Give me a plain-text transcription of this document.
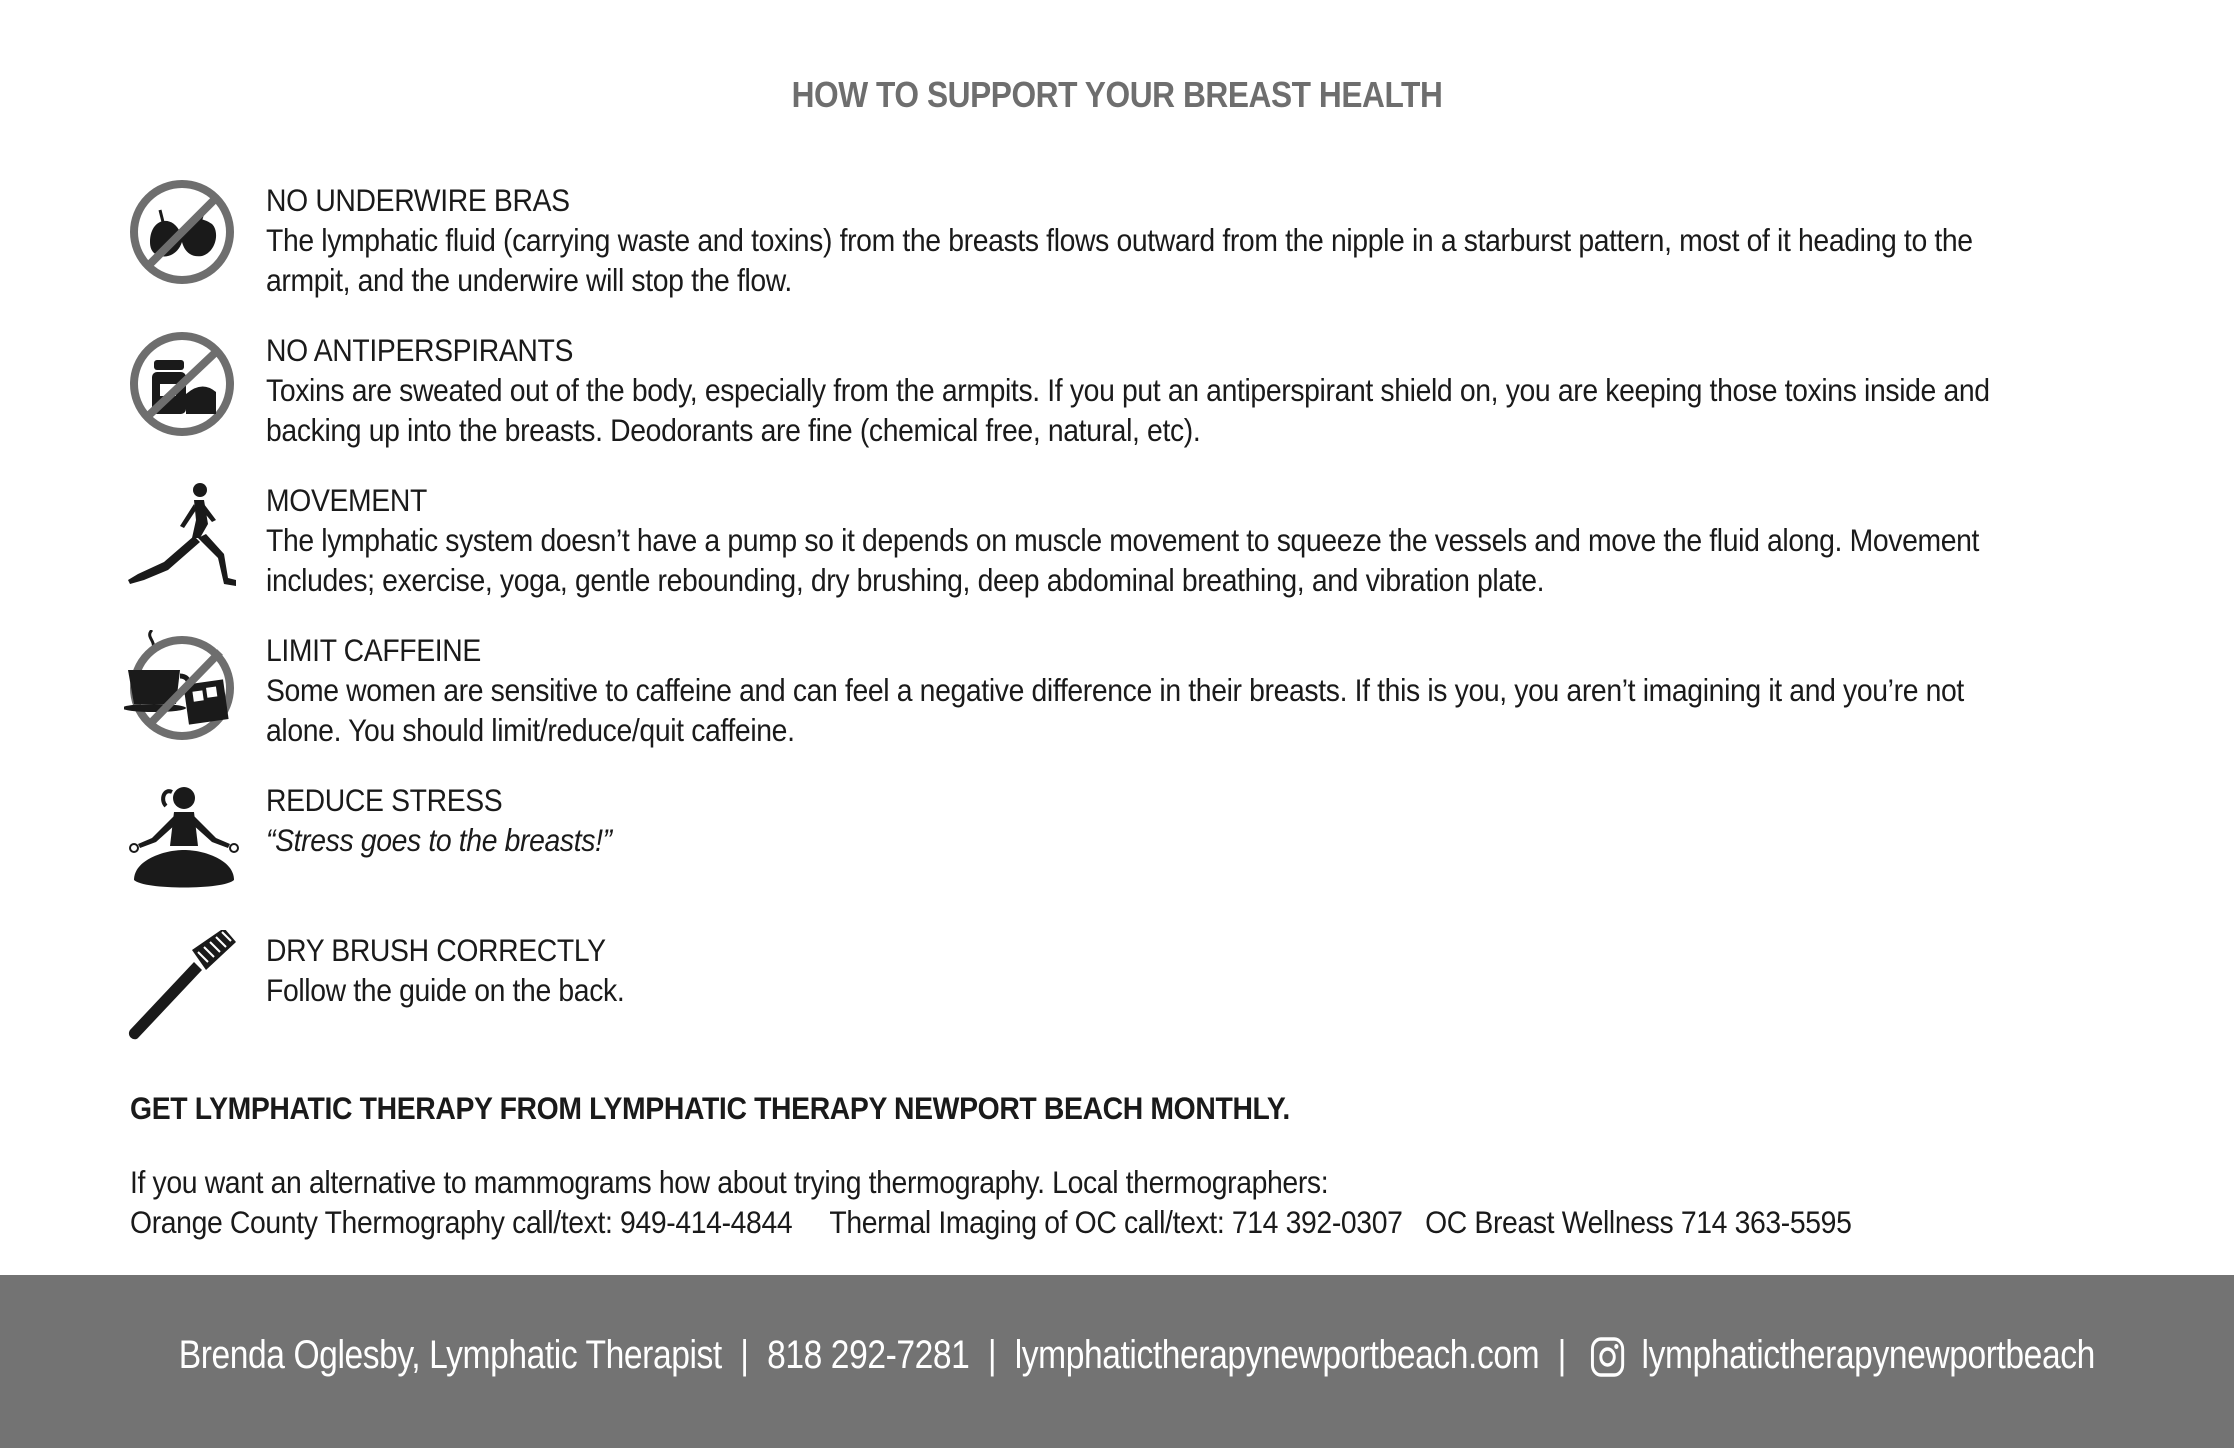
HOW TO SUPPORT YOUR BREAST HEALTH
NO UNDERWIRE BRAS
The lymphatic fluid (carrying waste and toxins) from the breasts flows outward from the nipple in a starburst pattern, most of it heading to the armpit, and the underwire will stop the flow.
NO ANTIPERSPIRANTS
Toxins are sweated out of the body, especially from the armpits. If you put an antiperspirant shield on, you are keeping those toxins inside and backing up into the breasts. Deodorants are fine (chemical free, natural, etc).
MOVEMENT
The lymphatic system doesn’t have a pump so it depends on muscle movement to squeeze the vessels and move the fluid along. Movement includes; exercise, yoga, gentle rebounding, dry brushing, deep abdominal breathing, and vibration plate.
LIMIT CAFFEINE
Some women are sensitive to caffeine and can feel a negative difference in their breasts. If this is you, you aren’t imagining it and you’re not alone. You should limit/reduce/quit caffeine.
REDUCE STRESS
“Stress goes to the breasts!”
DRY BRUSH CORRECTLY
Follow the guide on the back.
GET LYMPHATIC THERAPY FROM LYMPHATIC THERAPY NEWPORT BEACH MONTHLY.
If you want an alternative to mammograms how about trying thermography. Local thermographers:
Orange County Thermography call/text: 949-414-4844 Thermal Imaging of OC call/text: 714 392-0307 OC Breast Wellness 714 363-5595
Brenda Oglesby, Lymphatic Therapist | 818 292-7281 | lymphatictherapynewportbeach.com | lymphatictherapynewportbeach
